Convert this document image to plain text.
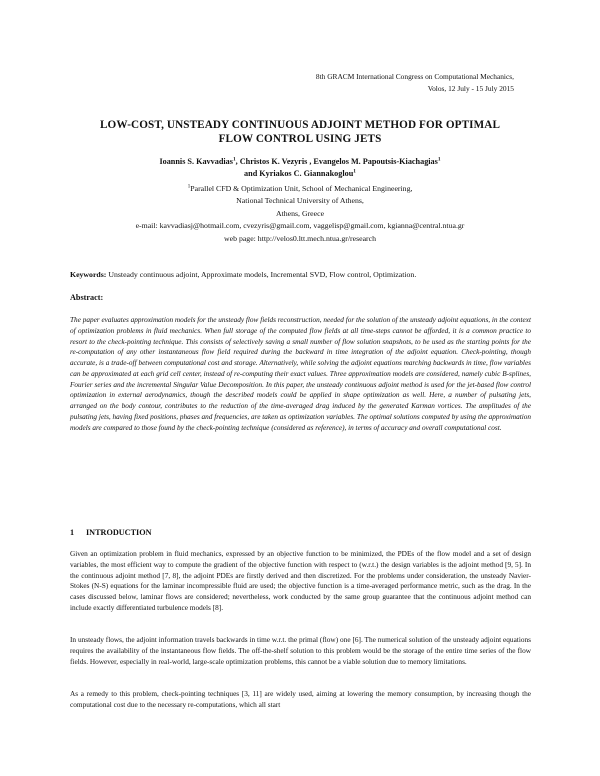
8th GRACM International Congress on Computational Mechanics,
Volos, 12 July - 15 July 2015
LOW-COST, UNSTEADY CONTINUOUS ADJOINT METHOD FOR OPTIMAL
FLOW CONTROL USING JETS
Ioannis S. Kavvadias$^1$, Christos K. Vezyris , Evangelos M. Papoutsis-Kiachagias$^1$
and Kyriakos C. Giannakoglou$^1$
$^1$Parallel CFD & Optimization Unit, School of Mechanical Engineering,
National Technical University of Athens,
Athens, Greece
e-mail: kavvadiasj@hotmail.com, cvezyris@gmail.com, vaggelisp@gmail.com, kgianna@central.ntua.gr
web page: http://velos0.ltt.mech.ntua.gr/research
Keywords: Unsteady continuous adjoint, Approximate models, Incremental SVD, Flow control, Optimization.
Abstract:
The paper evaluates approximation models for the unsteady flow fields reconstruction, needed for the solution of the unsteady adjoint equations, in the context of optimization problems in fluid mechanics. When full storage of the computed flow fields at all time-steps cannot be afforded, it is a common practice to resort to the check-pointing technique. This consists of selectively saving a small number of flow solution snapshots, to be used as the starting points for the re-computation of any other instantaneous flow field required during the backward in time integration of the adjoint equation. Check-pointing, though accurate, is a trade-off between computational cost and storage. Alternatively, while solving the adjoint equations marching backwards in time, flow variables can be approximated at each grid cell center, instead of re-computing their exact values. Three approximation models are considered, namely cubic B-splines, Fourier series and the incremental Singular Value Decomposition. In this paper, the unsteady continuous adjoint method is used for the jet-based flow control optimization in external aerodynamics, though the described models could be applied in shape optimization as well. Here, a number of pulsating jets, arranged on the body contour, contributes to the reduction of the time-averaged drag induced by the generated Karman vortices. The amplitudes of the pulsating jets, having fixed positions, phases and frequencies, are taken as optimization variables. The optimal solutions computed by using the approximation models are compared to those found by the check-pointing technique (considered as reference), in terms of accuracy and overall computational cost.
1 INTRODUCTION
Given an optimization problem in fluid mechanics, expressed by an objective function to be minimized, the PDEs of the flow model and a set of design variables, the most efficient way to compute the gradient of the objective function with respect to (w.r.t.) the design variables is the adjoint method [9, 5]. In the continuous adjoint method [7, 8], the adjoint PDEs are firstly derived and then discretized. For the problems under consideration, the unsteady Navier-Stokes (N-S) equations for the laminar incompressible fluid are used; the objective function is a time-averaged performance metric, such as the drag. In the cases discussed below, laminar flows are considered; nevertheless, work conducted by the same group guarantee that the continuous adjoint method can include exactly differentiated turbulence models [8].
In unsteady flows, the adjoint information travels backwards in time w.r.t. the primal (flow) one [6]. The numerical solution of the unsteady adjoint equations requires the availability of the instantaneous flow fields. The off-the-shelf solution to this problem would be the storage of the entire time series of the flow fields. However, especially in real-world, large-scale optimization problems, this cannot be a viable solution due to memory limitations.
As a remedy to this problem, check-pointing techniques [3, 11] are widely used, aiming at lowering the memory consumption, by increasing though the computational cost due to the necessary re-computations, which all start
